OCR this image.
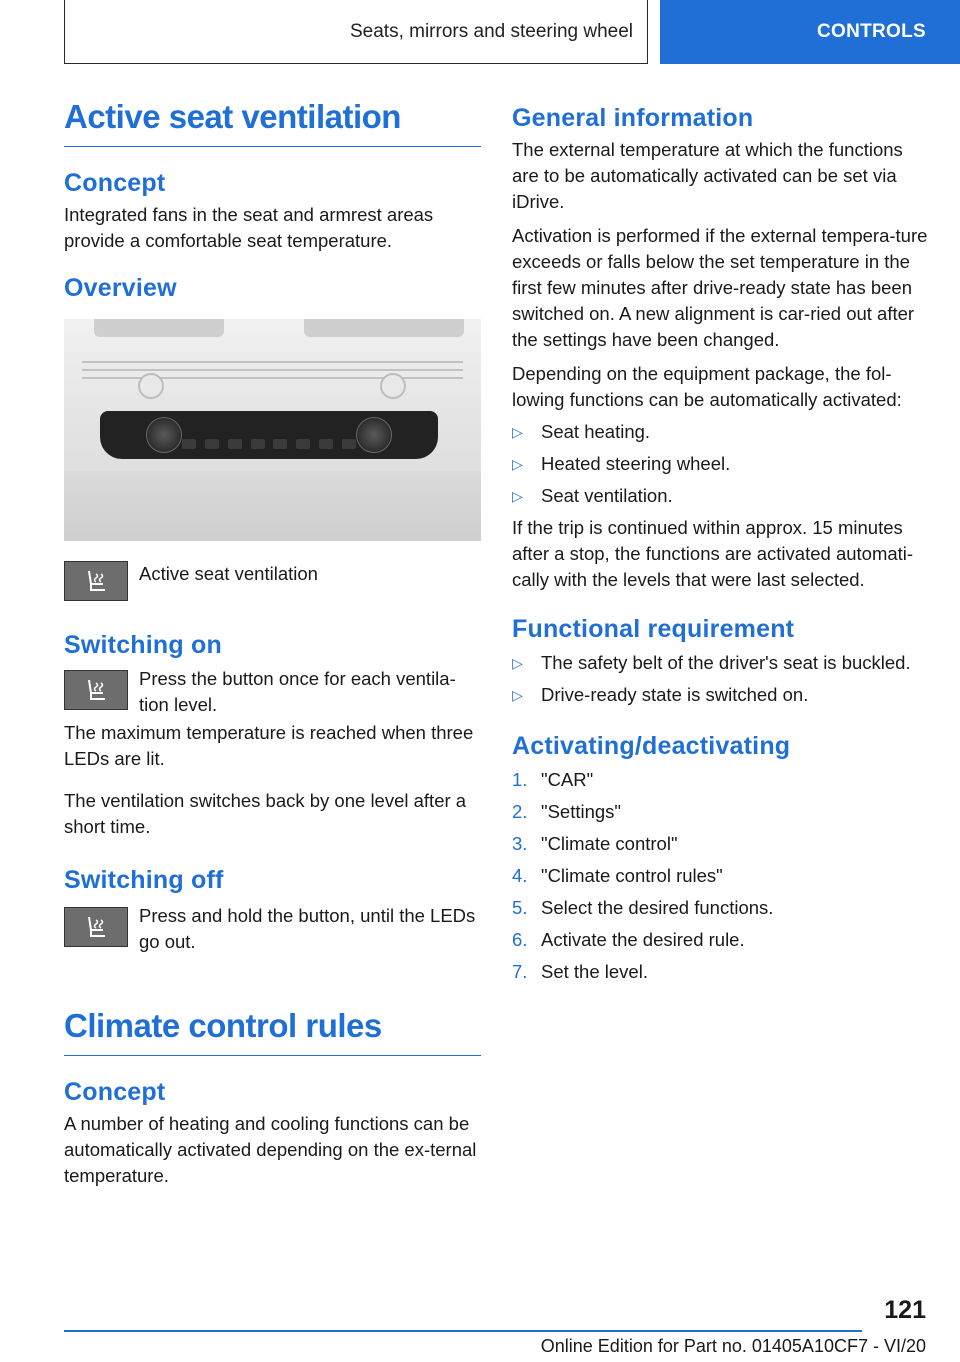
Seats, mirrors and steering wheel	CONTROLS
Active seat ventilation
Concept

Integrated fans in the seat and armrest areas provide a comfortable seat temperature.

Overview

Active seat ventilation

Switching on

Press the button once for each ventila‐tion level.

The maximum temperature is reached when three LEDs are lit.

The ventilation switches back by one level after a short time.

Switching off

Press and hold the button, until the LEDs go out.

Climate control rules
Concept

A number of heating and cooling functions can be automatically activated depending on the ex‐ternal temperature.

General information

The external temperature at which the functions are to be automatically activated can be set via iDrive.

Activation is performed if the external tempera‐ture exceeds or falls below the set temperature in the first few minutes after drive-ready state has been switched on. A new alignment is car‐ried out after the settings have been changed.

Depending on the equipment package, the fol‐lowing functions can be automatically activated:

▷ Seat heating.
▷ Heated steering wheel.
▷ Seat ventilation.

If the trip is continued within approx. 15 minutes after a stop, the functions are activated automati‐cally with the levels that were last selected.

Functional requirement
▷ The safety belt of the driver's seat is buckled.
▷ Drive-ready state is switched on.
Activating/deactivating
1. "CAR"
2. "Settings"
3. "Climate control"
4. "Climate control rules"
5. Select the desired functions.
6. Activate the desired rule.
7. Set the level.
121
Online Edition for Part no. 01405A10CF7 - VI/20
